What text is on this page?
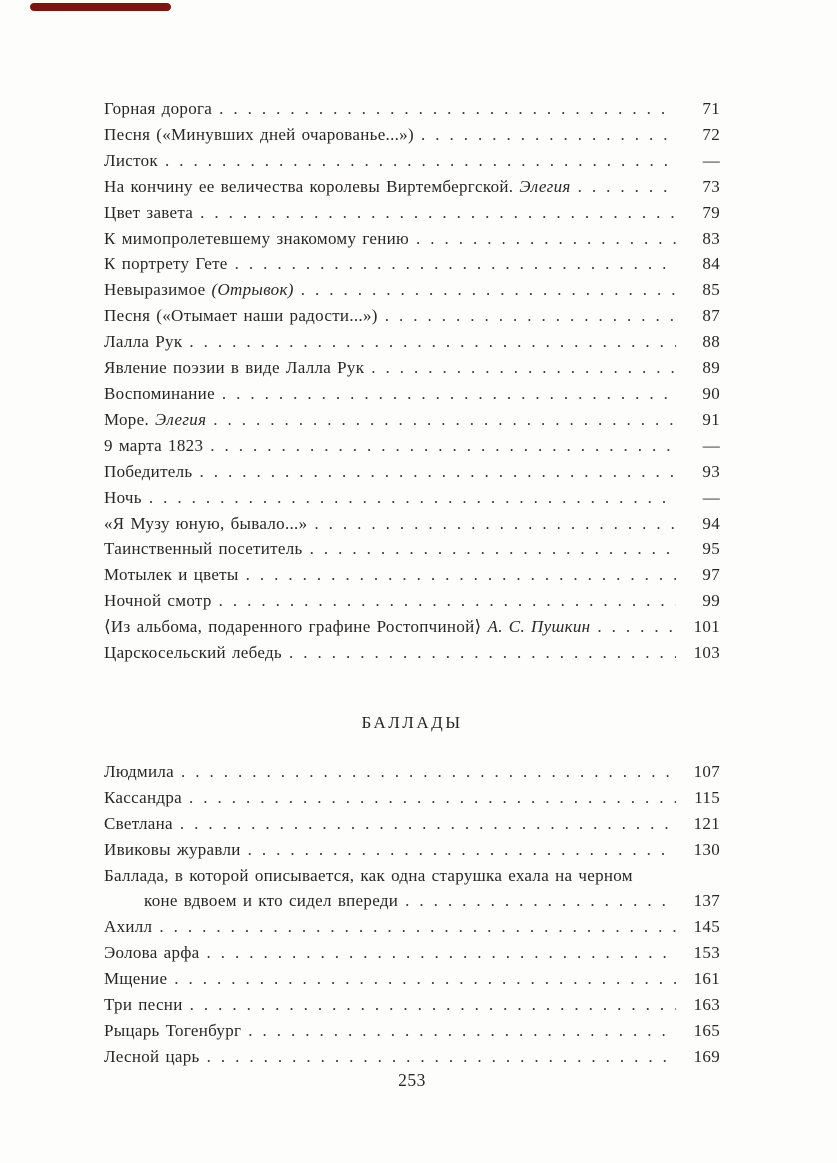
Горная дорога .....	71
Песня («Минувших дней очарованье...») .....	72
Листок .....	—
На кончину ее величества королевы Виртембергской. Элегия .....	73
Цвет завета .....	79
К мимопролетевшему знакомому гению .....	83
К портрету Гете .....	84
Невыразимое (Отрывок) .....	85
Песня («Отымает наши радости...») .....	87
Лалла Рук .....	88
Явление поэзии в виде Лалла Рук .....	89
Воспоминание .....	90
Море. Элегия .....	91
9 марта 1823 .....	—
Победитель .....	93
Ночь .....	—
«Я Музу юную, бывало...» .....	94
Таинственный посетитель .....	95
Мотылек и цветы .....	97
Ночной смотр .....	99
⟨Из альбома, подаренного графине Ростопчиной⟩ А. С. Пушкин .....	101
Царскосельский лебедь .....	103
БАЛЛАДЫ
Людмила .....	107
Кассандра .....	115
Светлана .....	121
Ивиковы журавли .....	130
Баллада, в которой описывается, как одна старушка ехала на черном
коне вдвоем и кто сидел впереди .....	137
Ахилл .....	145
Эолова арфа .....	153
Мщение .....	161
Три песни .....	163
Рыцарь Тогенбург .....	165
Лесной царь .....	169
253
